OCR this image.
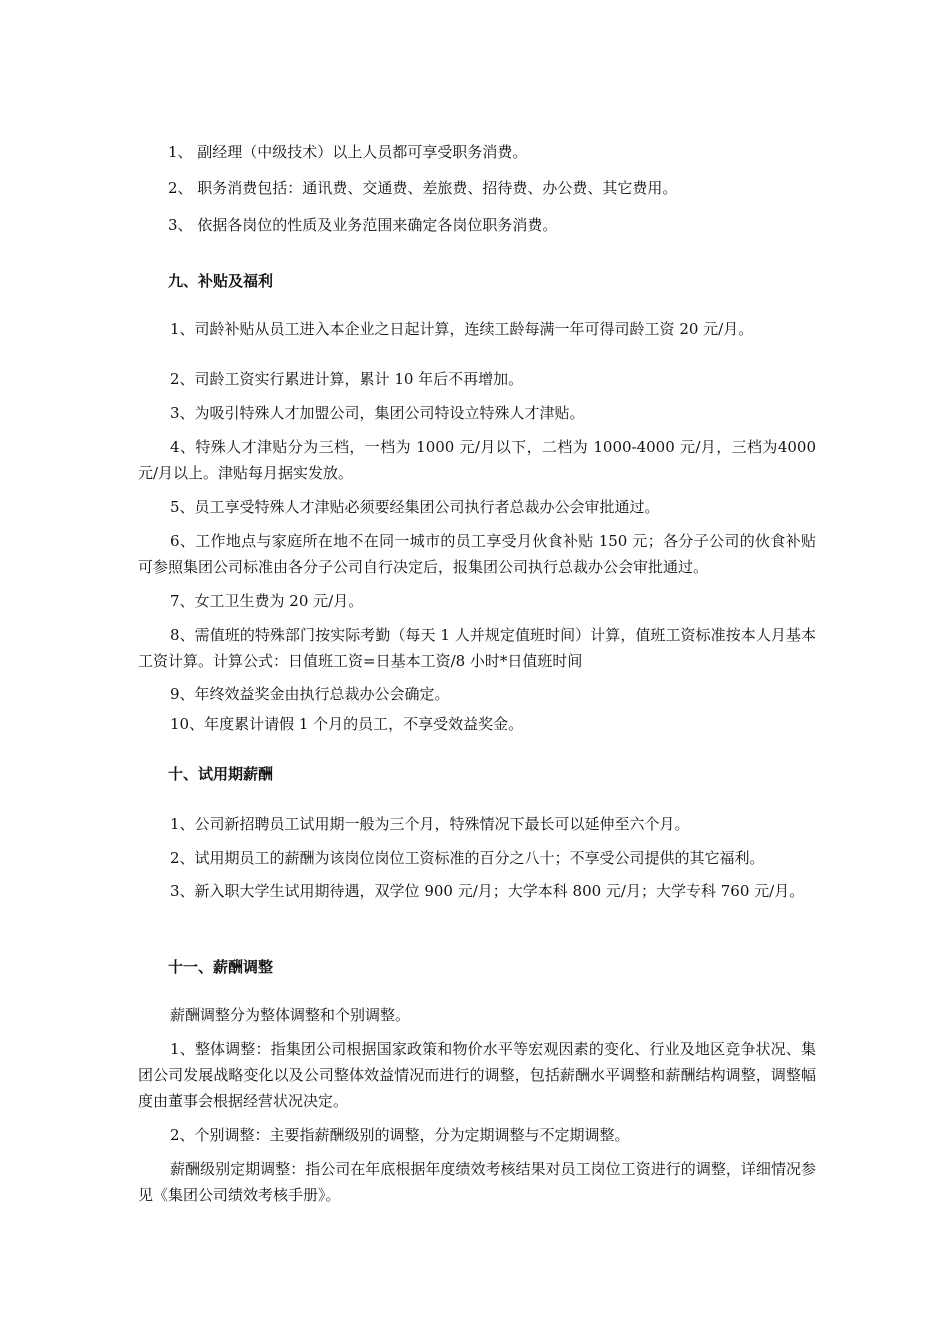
1、 副经理（中级技术）以上人员都可享受职务消费。
2、 职务消费包括：通讯费、交通费、差旅费、招待费、办公费、其它费用。
3、 依据各岗位的性质及业务范围来确定各岗位职务消费。
九、补贴及福利
1、司龄补贴从员工进入本企业之日起计算，连续工龄每满一年可得司龄工资 20 元/月。
2、司龄工资实行累进计算，累计 10 年后不再增加。
3、为吸引特殊人才加盟公司，集团公司特设立特殊人才津贴。
4、特殊人才津贴分为三档，一档为 1000 元/月以下，二档为 1000-4000 元/月，三档为4000 元/月以上。津贴每月据实发放。
5、员工享受特殊人才津贴必须要经集团公司执行者总裁办公会审批通过。
6、工作地点与家庭所在地不在同一城市的员工享受月伙食补贴 150 元；各分子公司的伙食补贴可参照集团公司标准由各分子公司自行决定后，报集团公司执行总裁办公会审批通过。
7、女工卫生费为 20 元/月。
8、需值班的特殊部门按实际考勤（每天 1 人并规定值班时间）计算，值班工资标准按本人月基本工资计算。计算公式：日值班工资=日基本工资/8 小时*日值班时间
9、年终效益奖金由执行总裁办公会确定。
10、年度累计请假 1 个月的员工，不享受效益奖金。
十、试用期薪酬
1、公司新招聘员工试用期一般为三个月，特殊情况下最长可以延伸至六个月。
2、试用期员工的薪酬为该岗位岗位工资标准的百分之八十；不享受公司提供的其它福利。
3、新入职大学生试用期待遇，双学位 900 元/月；大学本科 800 元/月；大学专科 760 元/月。
十一、薪酬调整
薪酬调整分为整体调整和个别调整。
1、整体调整：指集团公司根据国家政策和物价水平等宏观因素的变化、行业及地区竞争状况、集团公司发展战略变化以及公司整体效益情况而进行的调整，包括薪酬水平调整和薪酬结构调整，调整幅度由董事会根据经营状况决定。
2、个别调整：主要指薪酬级别的调整，分为定期调整与不定期调整。
薪酬级别定期调整：指公司在年底根据年度绩效考核结果对员工岗位工资进行的调整，详细情况参见《集团公司绩效考核手册》。
